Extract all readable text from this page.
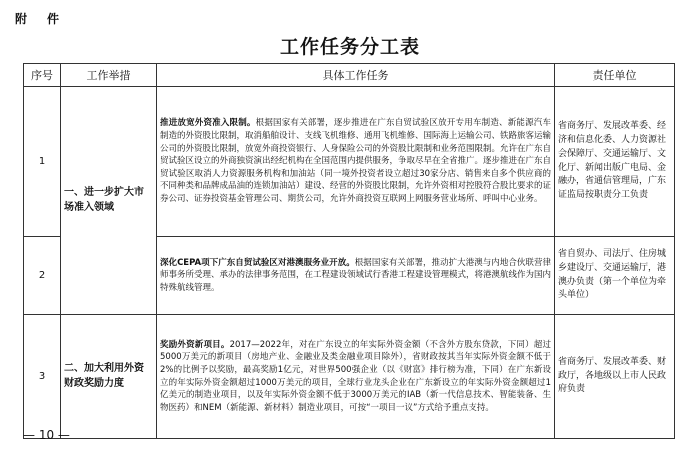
附　件
工作任务分工表
序号	工作举措	具体工作任务	责任单位
1	一、进一步扩大市场准入领域	推进放宽外资准入限制。根据国家有关部署，逐步推进在广东自贸试验区放开专用车制造、新能源汽车制造的外资股比限制，取消船舶设计、支线飞机维修、通用飞机维修、国际海上运输公司、铁路旅客运输公司的外资股比限制，放宽外商投资银行、人身保险公司的外资股比限制和业务范围限制。允许在广东自贸试验区设立的外商独资演出经纪机构在全国范围内提供服务，争取尽早在全省推广。逐步推进在广东自贸试验区取消人力资源服务机构和加油站（同一境外投资者设立超过30家分店、销售来自多个供应商的不同种类和品牌成品油的连锁加油站）建设、经营的外资股比限制，允许外资相对控股符合股比要求的证券公司、证券投资基金管理公司、期货公司，允许外商投资互联网上网服务营业场所、呼叫中心业务。	省商务厅、发展改革委、经济和信息化委、人力资源社会保障厅、交通运输厅、文化厅、新闻出版广电局、金融办，省通信管理局，广东证监局按职责分工负责
2		深化CEPA项下广东自贸试验区对港澳服务业开放。根据国家有关部署，推动扩大港澳与内地合伙联营律师事务所受理、承办的法律事务范围，在工程建设领域试行香港工程建设管理模式，将港澳航线作为国内特殊航线管理。	省自贸办、司法厅、住房城乡建设厅、交通运输厅，港澳办负责（第一个单位为牵头单位）
3	二、加大利用外资财政奖励力度	奖励外资新项目。2017—2022年，对在广东设立的年实际外资金额（不含外方股东贷款，下同）超过5000万美元的新项目（房地产业、金融业及类金融业项目除外），省财政按其当年实际外资金额不低于2%的比例予以奖励，最高奖励1亿元，对世界500强企业（以《财富》排行榜为准，下同）在广东新设立的年实际外资金额超过1000万美元的项目，全球行业龙头企业在广东新设立的年实际外资金额超过1亿美元的制造业项目，以及年实际外资金额不低于3000万美元的IAB（新一代信息技术、智能装备、生物医药）和NEM（新能源、新材料）制造业项目，可按“一项目一议”方式给予重点支持。	省商务厅、发展改革委、财政厅，各地级以上市人民政府负责
— 10 —
